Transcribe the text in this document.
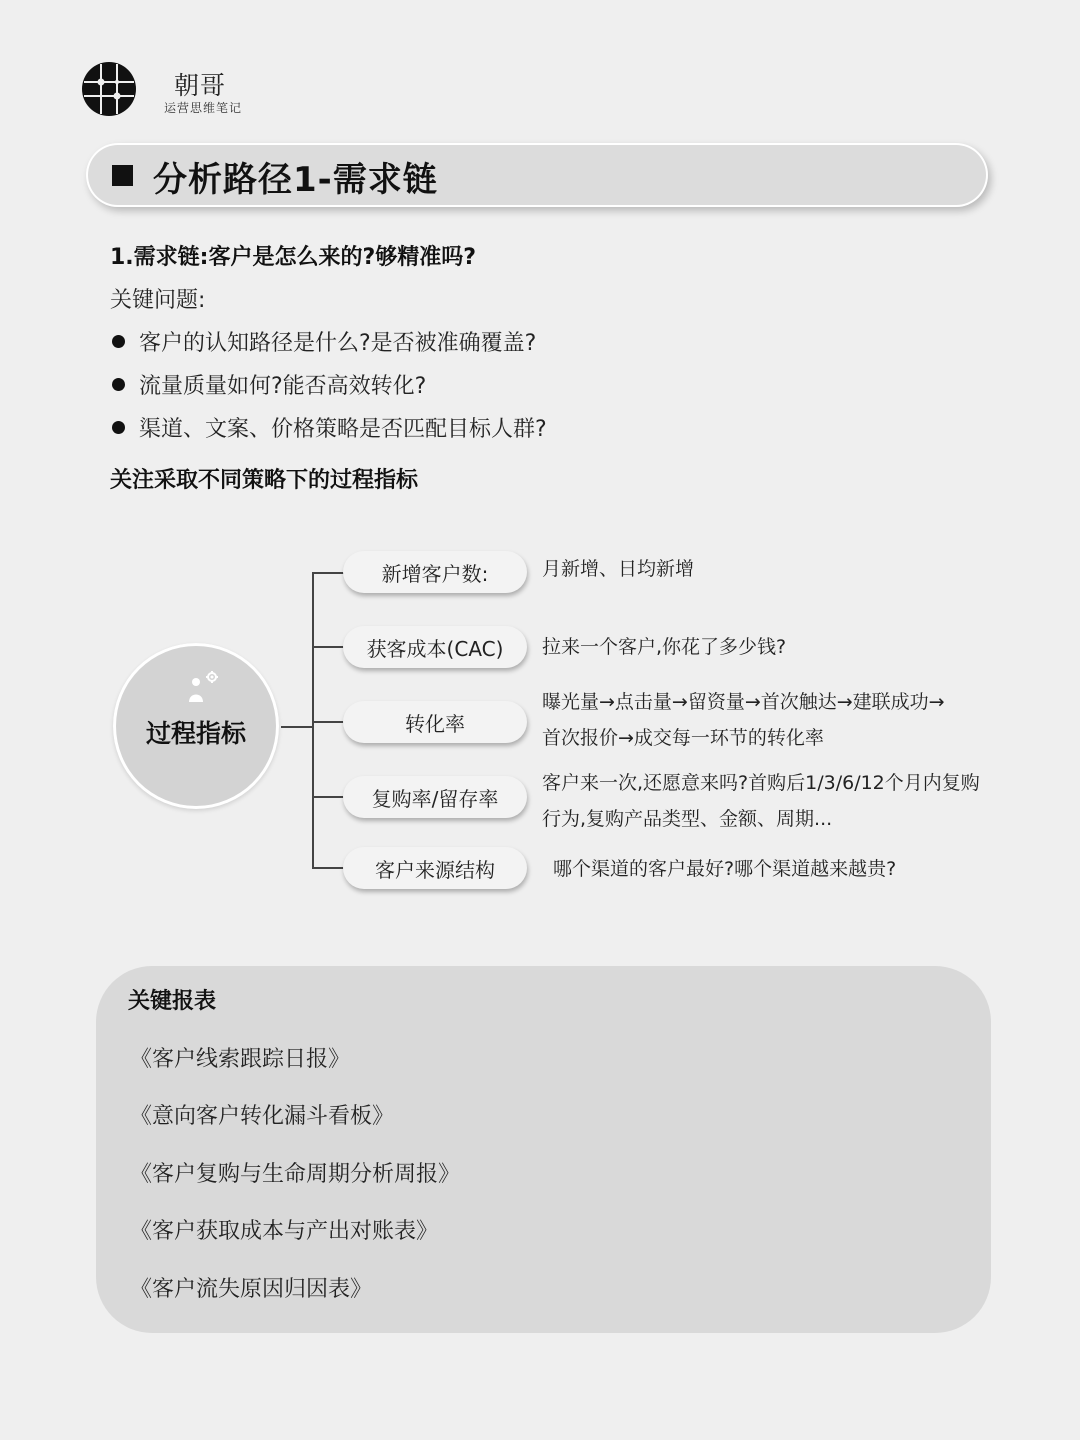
朝哥
运营思维笔记
分析路径1-需求链
1.需求链:客户是怎么来的?够精准吗?
关键问题:
客户的认知路径是什么?是否被准确覆盖?
流量质量如何?能否高效转化?
渠道、文案、价格策略是否匹配目标人群?
关注采取不同策略下的过程指标
过程指标
新增客户数:
获客成本(CAC)
转化率
复购率/留存率
客户来源结构
月新增、日均新增
拉来一个客户,你花了多少钱?
曝光量→点击量→留资量→首次触达→建联成功→
首次报价→成交每一环节的转化率
客户来一次,还愿意来吗?首购后1/3/6/12个月内复购
行为,复购产品类型、金额、周期...
哪个渠道的客户最好?哪个渠道越来越贵?
关键报表
《客户线索跟踪日报》
《意向客户转化漏斗看板》
《客户复购与生命周期分析周报》
《客户获取成本与产出对账表》
《客户流失原因归因表》
